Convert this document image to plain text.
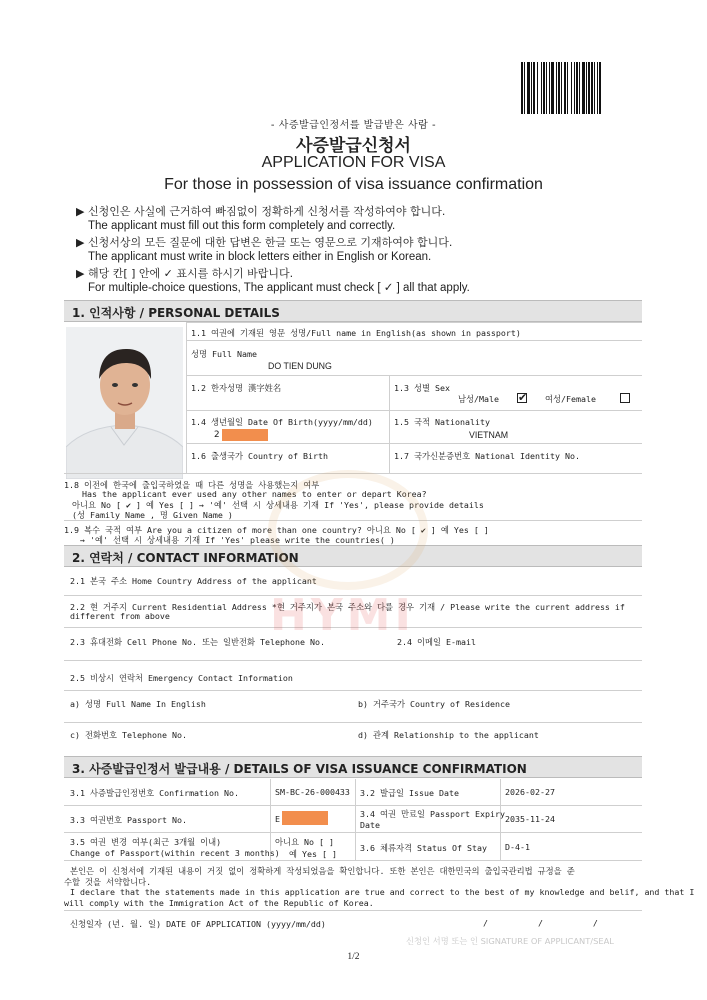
- 사증발급인정서를 발급받은 사람 -
사증발급신청서
APPLICATION FOR VISA
For those in possession of visa issuance confirmation
▶ 신청인은 사실에 근거하여 빠짐없이 정확하게 신청서를 작성하여야 합니다.
The applicant must fill out this form completely and correctly.
▶ 신청서상의 모든 질문에 대한 답변은 한글 또는 영문으로 기재하여야 합니다.
The applicant must write in block letters either in English or Korean.
▶ 해당 칸[ ] 안에 ✓ 표시를 하시기 바랍니다.
For multiple-choice questions, The applicant must check [ ✓ ] all that apply.
1. 인적사항 / PERSONAL DETAILS
1.1 여권에 기재된 영문 성명/Full name in English(as shown in passport)
성명 Full Name
DO TIEN DUNG
1.2 한자성명 漢字姓名	1.3 성별 Sex
남성/Male ✔ 여성/Female
1.4 생년월일 Date Of Birth(yyyy/mm/dd)
2
1.5 국적 Nationality
VIETNAM
1.6 출생국가 Country of Birth	1.7 국가신분증번호 National Identity No.
1.8 이전에 한국에 출입국하였을 때 다른 성명을 사용했는지 여부
Has the applicant ever used any other names to enter or depart Korea?
아니요 No [ ✔ ] 예 Yes [ ] → '예' 선택 시 상세내용 기재 If 'Yes', please provide details
(성 Family Name , 명 Given Name )
1.9 복수 국적 여부 Are you a citizen of more than one country? 아니요 No [ ✔ ] 예 Yes [ ]
→ '예' 선택 시 상세내용 기재 If 'Yes' please write the countries( )
2. 연락처 / CONTACT INFORMATION
2.1 본국 주소 Home Country Address of the applicant
2.2 현 거주지 Current Residential Address *현 거주지가 본국 주소와 다를 경우 기재 / Please write the current address if
different from above
2.3 휴대전화 Cell Phone No. 또는 일반전화 Telephone No.	2.4 이메일 E-mail
2.5 비상시 연락처 Emergency Contact Information
a) 성명 Full Name In English	b) 거주국가 Country of Residence
c) 전화번호 Telephone No.	d) 관계 Relationship to the applicant
3. 사증발급인정서 발급내용 / DETAILS OF VISA ISSUANCE CONFIRMATION
3.1 사증발급인정번호 Confirmation No.	SM-BC-26-000433 3.2 발급일 Issue Date	2026-02-27
3.3 여권번호 Passport No.	E	3.4 여권 만료일 Passport Expiry
Date
2035-11-24
3.5 여권 변경 여부(최근 3개월 이내)
Change of Passport(within recent 3 months)
아니요 No [ ]
예 Yes [ ]
3.6 체류자격 Status Of Stay D-4-1
본인은 이 신청서에 기재된 내용이 거짓 없이 정확하게 작성되었음을 확인합니다. 또한 본인은 대한민국의 출입국관리법 규정을 준
수할 것을 서약합니다.
I declare that the statements made in this application are true and correct to the best of my knowledge and belif, and that I
will comply with the Immigration Act of the Republic of Korea.
신청일자 (년. 월. 일) DATE OF APPLICATION (yyyy/mm/dd)	/          /          /
신청인 서명 또는 인 SIGNATURE OF APPLICANT/SEAL
1/2
HYMI
